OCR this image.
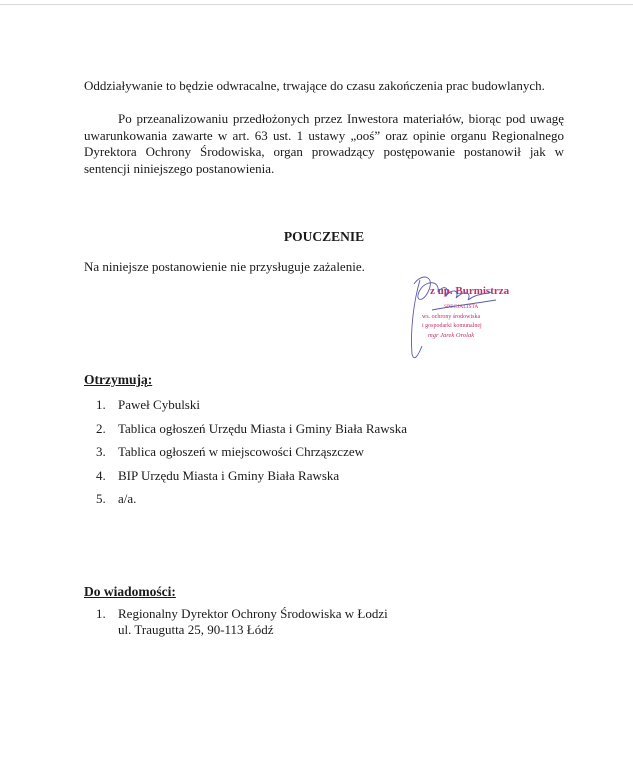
Oddziaływanie to będzie odwracalne, trwające do czasu zakończenia prac budowlanych.

Po przeanalizowaniu przedłożonych przez Inwestora materiałów, biorąc pod uwagę uwarunkowania zawarte w art. 63 ust. 1 ustawy „ooś” oraz opinie organu Regionalnego Dyrektora Ochrony Środowiska, organ prowadzący postępowanie postanowił jak w sentencji niniejszego postanowienia.

POUCZENIE
Na niniejsze postanowienie nie przysługuje zażalenie.
z up. Burmistrza
SPECJALISTA
ws. ochrony środowiska
i gospodarki komunalnej
mgr Jarek Orolak
Otrzymują:
1. Paweł Cybulski
2. Tablica ogłoszeń Urzędu Miasta i Gminy Biała Rawska
3. Tablica ogłoszeń w miejscowości Chrząszczew
4. BIP Urzędu Miasta i Gminy Biała Rawska
5. a/a.
Do wiadomości:
1. Regionalny Dyrektor Ochrony Środowiska w Łodzi
ul. Traugutta 25, 90-113 Łódź
